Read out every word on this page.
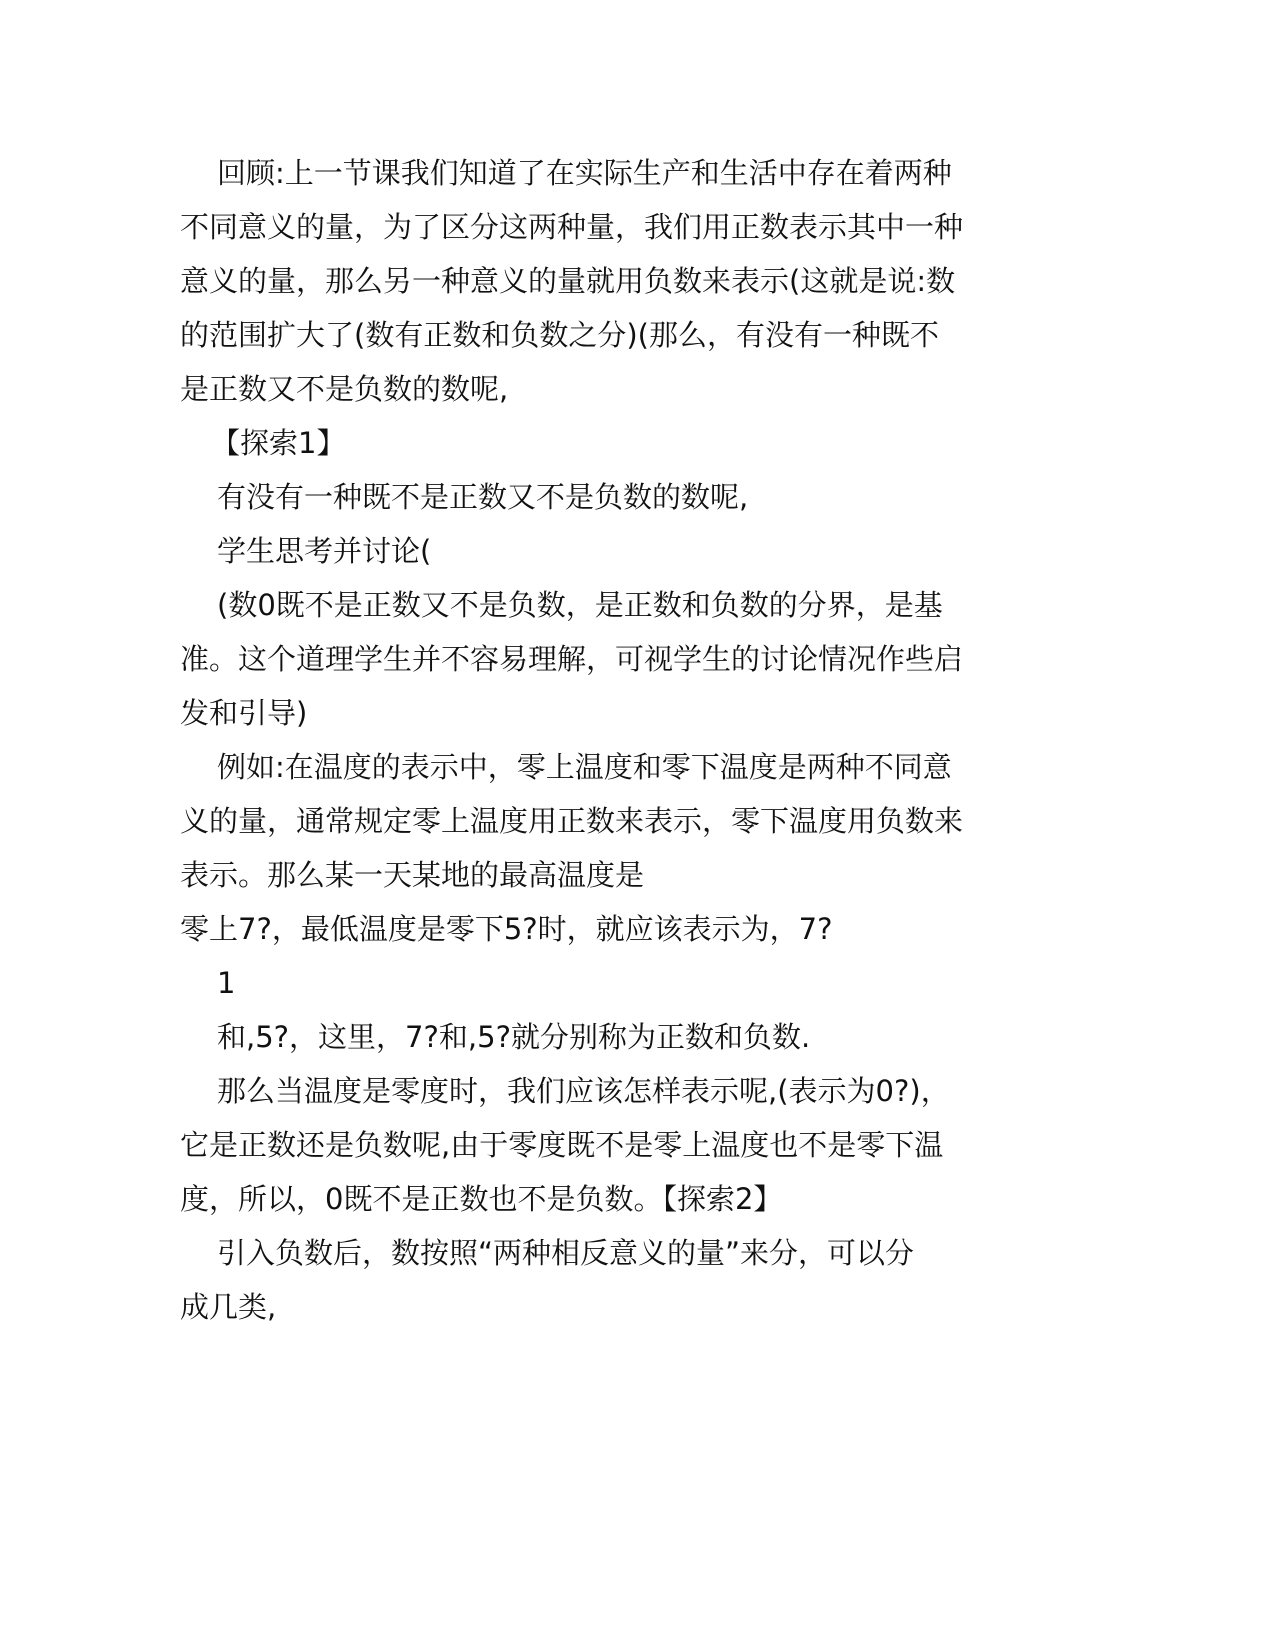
回顾:上一节课我们知道了在实际生产和生活中存在着两种
不同意义的量，为了区分这两种量，我们用正数表示其中一种
意义的量，那么另一种意义的量就用负数来表示(这就是说:数
的范围扩大了(数有正数和负数之分)(那么，有没有一种既不
是正数又不是负数的数呢,
【探索1】
有没有一种既不是正数又不是负数的数呢,
学生思考并讨论(
(数0既不是正数又不是负数，是正数和负数的分界，是基
准。这个道理学生并不容易理解，可视学生的讨论情况作些启
发和引导)
例如:在温度的表示中，零上温度和零下温度是两种不同意
义的量，通常规定零上温度用正数来表示，零下温度用负数来
表示。那么某一天某地的最高温度是
零上7?，最低温度是零下5?时，就应该表示为，7?
1
和,5?，这里，7?和,5?就分别称为正数和负数.
那么当温度是零度时，我们应该怎样表示呢,(表示为0?)，
它是正数还是负数呢,由于零度既不是零上温度也不是零下温
度，所以，0既不是正数也不是负数。【探索2】
引入负数后，数按照“两种相反意义的量”来分，可以分
成几类,
